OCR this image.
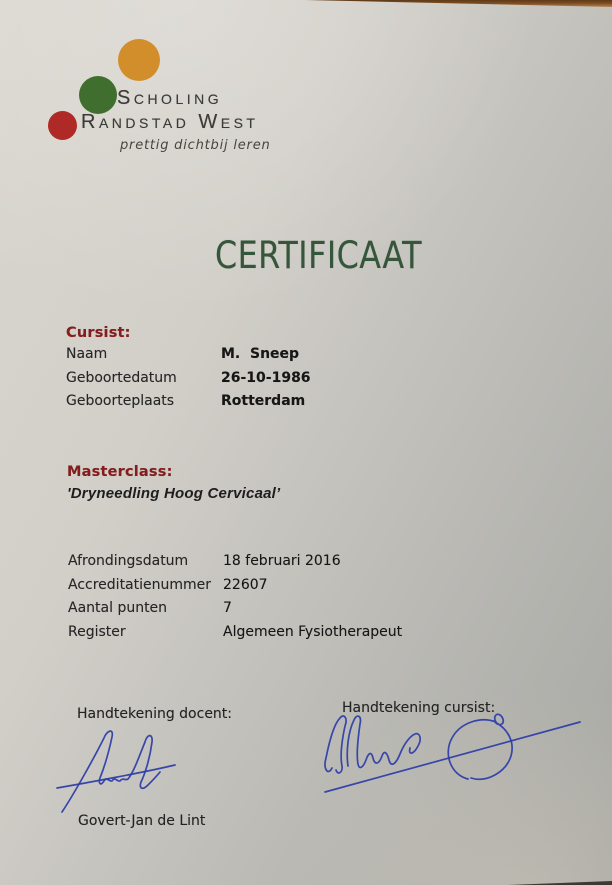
Scholing
Randstad West
prettig dichtbij leren
CERTIFICAAT
Cursist:
Naam	M.  Sneep
Geboortedatum	26-10-1986
Geboorteplaats	Rotterdam
Masterclass:
'Dryneedling Hoog Cervicaal’
Afrondingsdatum	18 februari 2016
Accreditatienummer 22607
Aantal punten	7
Register	Algemeen Fysiotherapeut
Handtekening docent:
Govert-Jan de Lint
Handtekening cursist:
